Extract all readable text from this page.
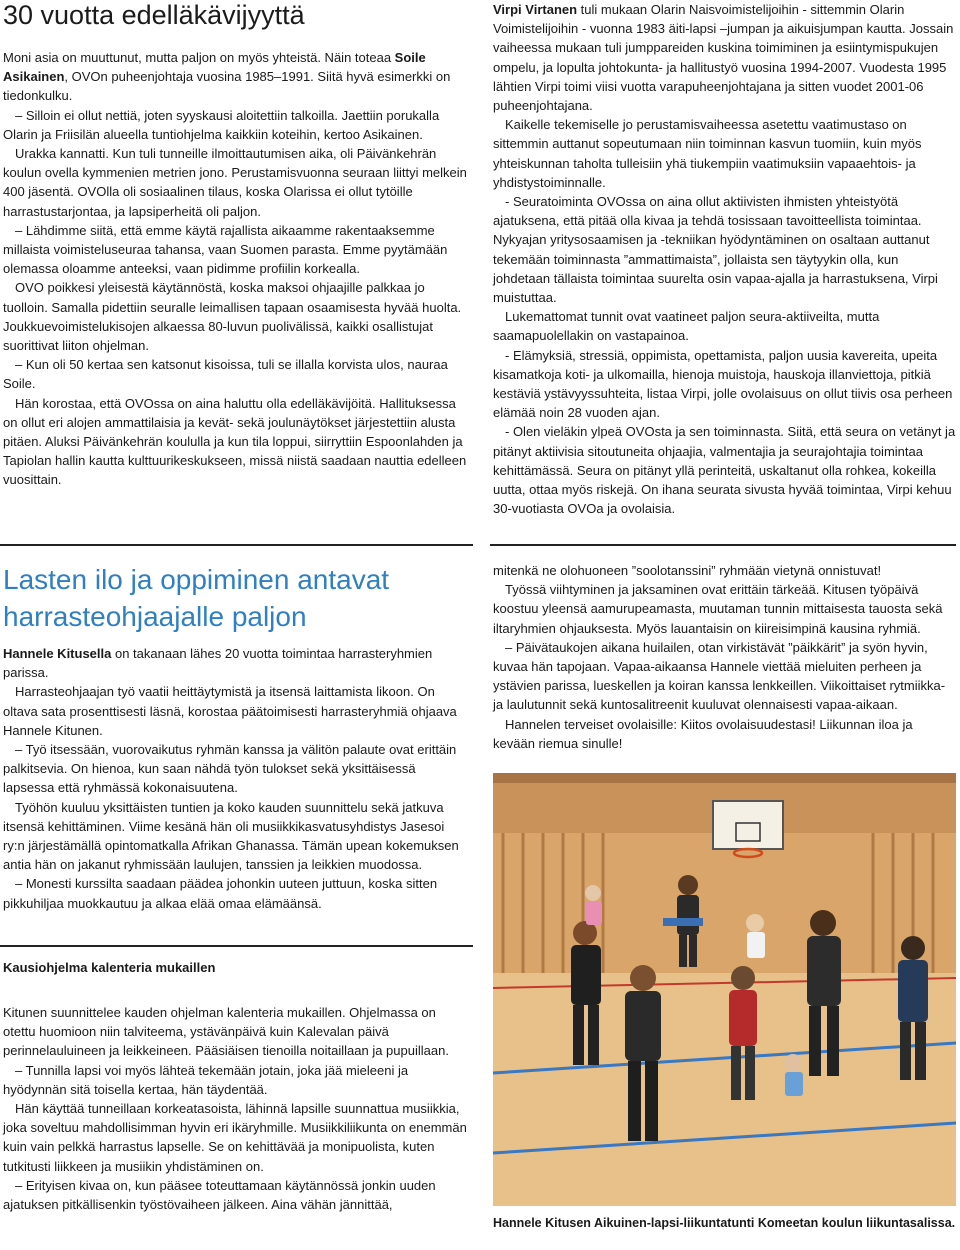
30 vuotta edelläkävijyyttä

Moni asia on muuttunut, mutta paljon on myös yhteistä. Näin toteaa Soile Asikainen, OVOn puheenjohtaja vuosina 1985–1991. Siitä hyvä esimerkki on tiedonkulku.

– Silloin ei ollut nettiä, joten syyskausi aloitettiin talkoilla. Jaettiin porukalla Olarin ja Friisilän alueella tuntiohjelma kaikkiin koteihin, kertoo Asikainen.

Urakka kannatti. Kun tuli tunneille ilmoittautumisen aika, oli Päivänkehrän koulun ovella kymmenien metrien jono. Perustamisvuonna seuraan liittyi melkein 400 jäsentä. OVOlla oli sosiaalinen tilaus, koska Olarissa ei ollut tytöille harrastustarjontaa, ja lapsiperheitä oli paljon.

– Lähdimme siitä, että emme käytä rajallista aikaamme rakentaaksemme millaista voimisteluseuraa tahansa, vaan Suomen parasta. Emme pyytämään olemassa oloamme anteeksi, vaan pidimme profiilin korkealla.

OVO poikkesi yleisestä käytännöstä, koska maksoi ohjaajille palkkaa jo tuolloin. Samalla pidettiin seuralle leimallisen tapaan osaamisesta hyvää huolta. Joukkuevoimistelukisojen alkaessa 80-luvun puolivälissä, kaikki osallistujat suorittivat liiton ohjelman.

– Kun oli 50 kertaa sen katsonut kisoissa, tuli se illalla korvista ulos, nauraa Soile.

Hän korostaa, että OVOssa on aina haluttu olla edelläkävijöitä. Hallituksessa on ollut eri alojen ammattilaisia ja kevät- sekä joulunäytökset järjestettiin alusta pitäen. Aluksi Päivänkehrän koululla ja kun tila loppui, siirryttiin Espoonlahden ja Tapiolan hallin kautta kulttuurikeskukseen, missä niistä saadaan nauttia edelleen vuosittain.

Virpi Virtanen tuli mukaan Olarin Naisvoimistelijoihin - sittemmin Olarin Voimistelijoihin - vuonna 1983 äiti-lapsi –jumpan ja aikuisjumpan kautta. Jossain vaiheessa mukaan tuli jumppareiden kuskina toimiminen ja esiintymispukujen ompelu, ja lopulta johtokunta- ja hallitustyö vuosina 1994-2007. Vuodesta 1995 lähtien Virpi toimi viisi vuotta varapuheenjohtajana ja sitten vuodet 2001-06 puheenjohtajana.

Kaikelle tekemiselle jo perustamisvaiheessa asetettu vaatimustaso on sittemmin auttanut sopeutumaan niin toiminnan kasvun tuomiin, kuin myös yhteiskunnan taholta tulleisiin yhä tiukempiin vaatimuksiin vapaaehtois- ja yhdistystoiminnalle.

- Seuratoiminta OVOssa on aina ollut aktiivisten ihmisten yhteistyötä ajatuksena, että pitää olla kivaa ja tehdä tosissaan tavoitteellista toimintaa. Nykyajan yritysosaamisen ja -tekniikan hyödyntäminen on osaltaan auttanut tekemään toiminnasta ”ammattimaista”, jollaista sen täytyykin olla, kun johdetaan tällaista toimintaa suurelta osin vapaa-ajalla ja harrastuksena, Virpi muistuttaa.

Lukemattomat tunnit ovat vaatineet paljon seura-aktiiveilta, mutta saamapuolellakin on vastapainoa.

- Elämyksiä, stressiä, oppimista, opettamista, paljon uusia kavereita, upeita kisamatkoja koti- ja ulkomailla, hienoja muistoja, hauskoja illanviettoja, pitkiä kestäviä ystävyyssuhteita, listaa Virpi, jolle ovolaisuus on ollut tiivis osa perheen elämää noin 28 vuoden ajan.

- Olen vieläkin ylpeä OVOsta ja sen toiminnasta. Siitä, että seura on vetänyt ja pitänyt aktiivisia sitoutuneita ohjaajia, valmentajia ja seurajohtajia toimintaa kehittämässä. Seura on pitänyt yllä perinteitä, uskaltanut olla rohkea, kokeilla uutta, ottaa myös riskejä. On ihana seurata sivusta hyvää toimintaa, Virpi kehuu 30-vuotiasta OVOa ja ovolaisia.

Lasten ilo ja oppiminen antavat harrasteohjaajalle paljon

Hannele Kitusella on takanaan lähes 20 vuotta toimintaa harrasteryhmien parissa.

Harrasteohjaajan työ vaatii heittäytymistä ja itsensä laittamista likoon. On oltava sata prosenttisesti läsnä, korostaa päätoimisesti harrasteryhmiä ohjaava Hannele Kitunen.

– Työ itsessään, vuorovaikutus ryhmän kanssa ja välitön palaute ovat erittäin palkitsevia. On hienoa, kun saan nähdä työn tulokset sekä yksittäisessä lapsessa että ryhmässä kokonaisuutena.

Työhön kuuluu yksittäisten tuntien ja koko kauden suunnittelu sekä jatkuva itsensä kehittäminen. Viime kesänä hän oli musiikkikasvatusyhdistys Jasesoi ry:n järjestämällä opintomatkalla Afrikan Ghanassa. Tämän upean kokemuksen antia hän on jakanut ryhmissään laulujen, tanssien ja leikkien muodossa.

– Monesti kurssilta saadaan päädea johonkin uuteen juttuun, koska sitten pikkuhiljaa muokkautuu ja alkaa elää omaa elämäänsä.

Kausiohjelma kalenteria mukaillen

Kitunen suunnittelee kauden ohjelman kalenteria mukaillen. Ohjelmassa on otettu huomioon niin talviteema, ystävänpäivä kuin Kalevalan päivä perinnelauluineen ja leikkeineen. Pääsiäisen tienoilla noitaillaan ja pupuillaan.

– Tunnilla lapsi voi myös lähteä tekemään jotain, joka jää mieleeni ja hyödynnän sitä toisella kertaa, hän täydentää.

Hän käyttää tunneillaan korkeatasoista, lähinnä lapsille suunnattua musiikkia, joka soveltuu mahdollisimman hyvin eri ikäryhmille. Musiikkiliikunta on enemmän kuin vain pelkkä harrastus lapselle. Se on kehittävää ja monipuolista, kuten tutkitusti liikkeen ja musiikin yhdistäminen on.

– Erityisen kivaa on, kun pääsee toteuttamaan käytännössä jonkin uuden ajatuksen pitkällisenkin työstövaiheen jälkeen. Aina vähän jännittää,

mitenkä ne olohuoneen ”soolotanssini” ryhmään vietynä onnistuvat!

Työssä viihtyminen ja jaksaminen ovat erittäin tärkeää. Kitusen työpäivä koostuu yleensä aamurupeamasta, muutaman tunnin mittaisesta tauosta sekä iltaryhmien ohjauksesta. Myös lauantaisin on kiireisimpinä kausina ryhmiä.

– Päivätaukojen aikana huilailen, otan virkistävät ”päikkärit” ja syön hyvin, kuvaa hän tapojaan. Vapaa-aikaansa Hannele viettää mieluiten perheen ja ystävien parissa, lueskellen ja koiran kanssa lenkkeillen. Viikoittaiset rytmiikka- ja laulutunnit sekä kuntosalitreenit kuuluvat olennaisesti vapaa-aikaan.

Hannelen terveiset ovolaisille: Kiitos ovolaisuudestasi! Liikunnan iloa ja kevään riemua sinulle!

Hannele Kitusen Aikuinen-lapsi-liikuntatunti Komeetan koulun liikuntasalissa.
